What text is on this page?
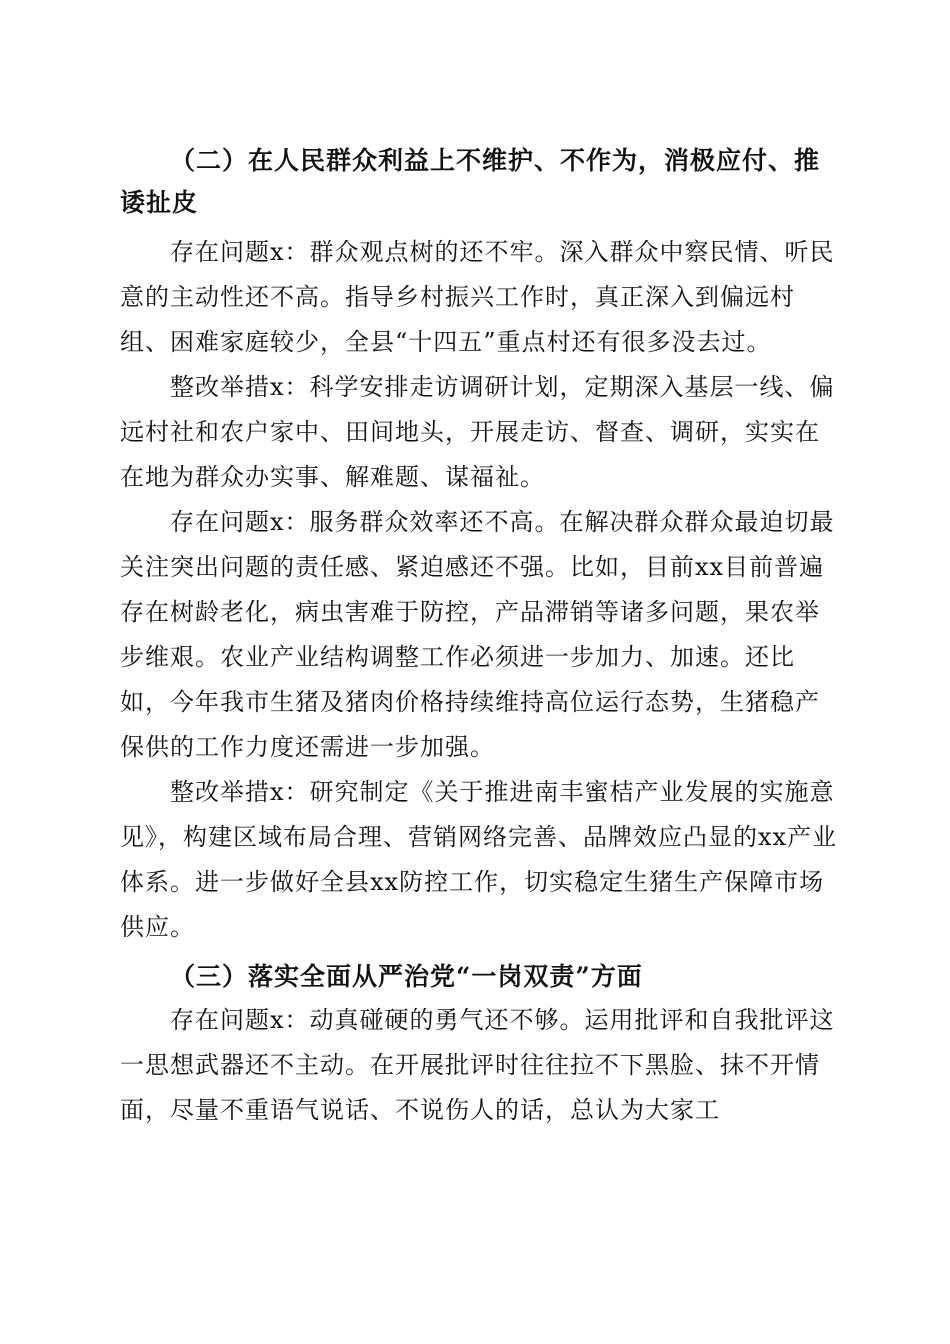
（二）在人民群众利益上不维护、不作为，消极应付、推诿扯皮

存在问题x：群众观点树的还不牢。深入群众中察民情、听民意的主动性还不高。指导乡村振兴工作时，真正深入到偏远村组、困难家庭较少，全县“十四五”重点村还有很多没去过。

整改举措x：科学安排走访调研计划，定期深入基层一线、偏远村社和农户家中、田间地头，开展走访、督查、调研，实实在在地为群众办实事、解难题、谋福祉。

存在问题x：服务群众效率还不高。在解决群众群众最迫切最关注突出问题的责任感、紧迫感还不强。比如，目前xx目前普遍存在树龄老化，病虫害难于防控，产品滞销等诸多问题，果农举步维艰。农业产业结构调整工作必须进一步加力、加速。还比如，今年我市生猪及猪肉价格持续维持高位运行态势，生猪稳产保供的工作力度还需进一步加强。

整改举措x：研究制定《关于推进南丰蜜桔产业发展的实施意见》，构建区域布局合理、营销网络完善、品牌效应凸显的xx产业体系。进一步做好全县xx防控工作，切实稳定生猪生产保障市场供应。

（三）落实全面从严治党“一岗双责”方面

存在问题x：动真碰硬的勇气还不够。运用批评和自我批评这一思想武器还不主动。在开展批评时往往拉不下黑脸、抹不开情面，尽量不重语气说话、不说伤人的话，总认为大家工
